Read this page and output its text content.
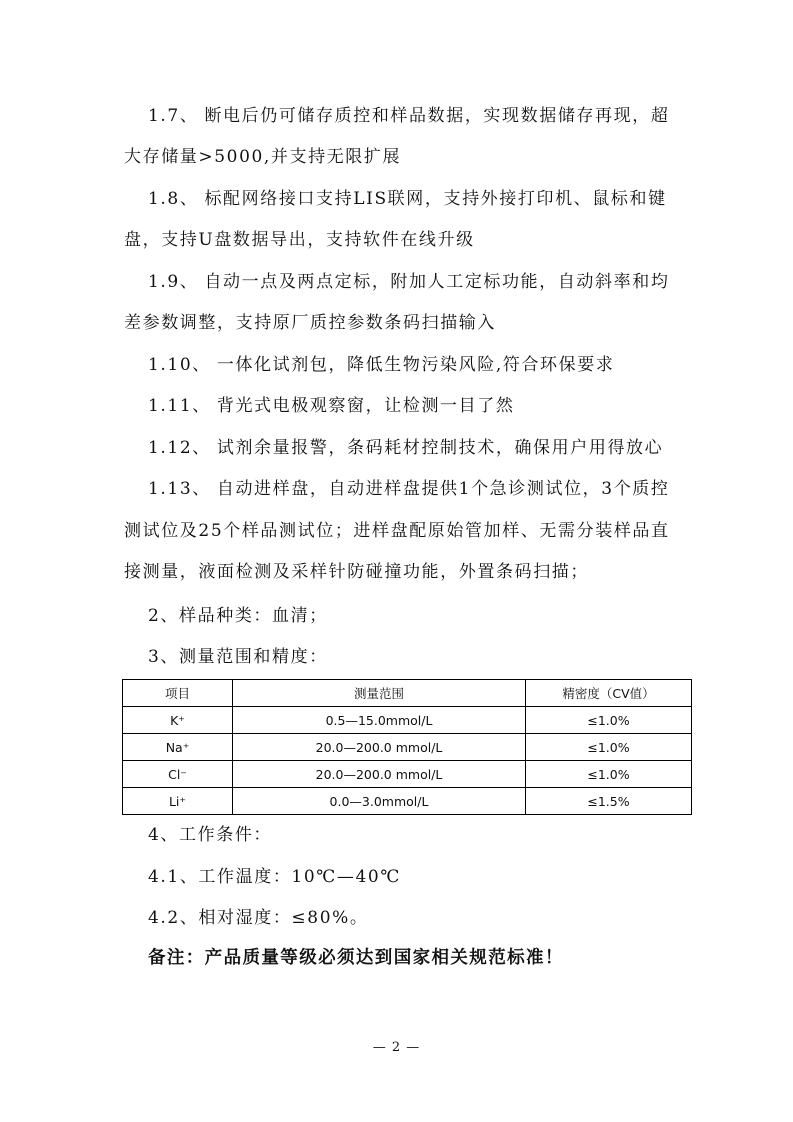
1.7、 断电后仍可储存质控和样品数据，实现数据储存再现，超

大存储量>5000,并支持无限扩展

1.8、 标配网络接口支持LIS联网，支持外接打印机、鼠标和键

盘，支持U盘数据导出，支持软件在线升级

1.9、 自动一点及两点定标，附加人工定标功能，自动斜率和均

差参数调整，支持原厂质控参数条码扫描输入

1.10、 一体化试剂包，降低生物污染风险,符合环保要求

1.11、 背光式电极观察窗，让检测一目了然

1.12、 试剂余量报警，条码耗材控制技术，确保用户用得放心

1.13、 自动进样盘，自动进样盘提供1个急诊测试位，3个质控

测试位及25个样品测试位；进样盘配原始管加样、无需分装样品直

接测量，液面检测及采样针防碰撞功能，外置条码扫描；

2、样品种类：血清；

3、测量范围和精度：

项目	测量范围	精密度（CV值）
K⁺	0.5—15.0mmol/L	≤1.0%
Na⁺	20.0—200.0 mmol/L	≤1.0%
Cl⁻	20.0—200.0 mmol/L	≤1.0%
Li⁺	0.0—3.0mmol/L	≤1.5%

4、工作条件：

4.1、工作温度：10℃—40℃

4.2、相对湿度：≤80%。

备注：产品质量等级必须达到国家相关规范标准！

— 2 —
